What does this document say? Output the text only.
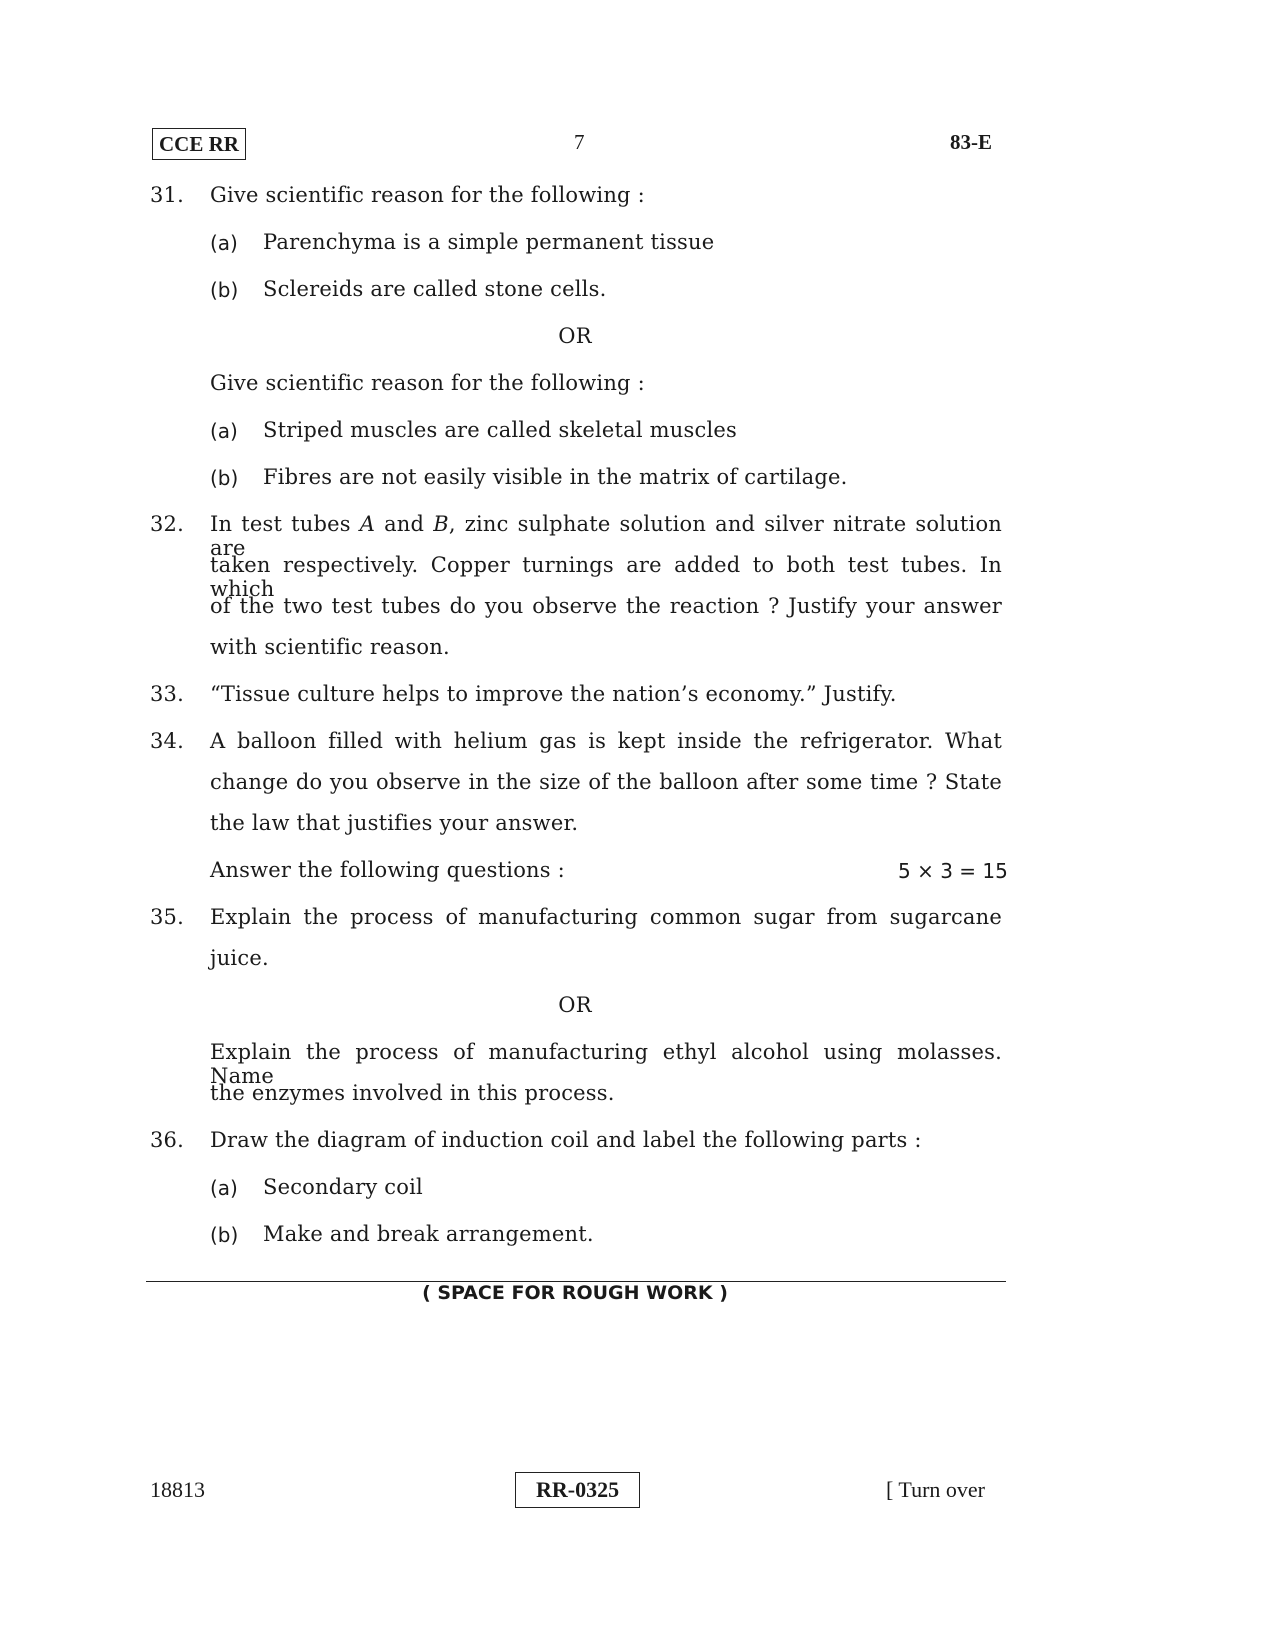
CCE RR	7	83-E
31. Give scientific reason for the following :
(a) Parenchyma is a simple permanent tissue
(b) Sclereids are called stone cells.
OR
Give scientific reason for the following :
(a) Striped muscles are called skeletal muscles
(b) Fibres are not easily visible in the matrix of cartilage.
32. In test tubes A and B, zinc sulphate solution and silver nitrate solution are
taken respectively. Copper turnings are added to both test tubes. In which
of the two test tubes do you observe the reaction ? Justify your answer
with scientific reason.
33. “Tissue culture helps to improve the nation’s economy.” Justify.
34. A balloon filled with helium gas is kept inside the refrigerator. What
change do you observe in the size of the balloon after some time ? State
the law that justifies your answer.
Answer the following questions :	5 × 3 = 15
35. Explain the process of manufacturing common sugar from sugarcane
juice.
OR
Explain the process of manufacturing ethyl alcohol using molasses. Name
the enzymes involved in this process.
36. Draw the diagram of induction coil and label the following parts :
(a) Secondary coil
(b) Make and break arrangement.
( SPACE FOR ROUGH WORK )
18813	RR-0325	[ Turn over
